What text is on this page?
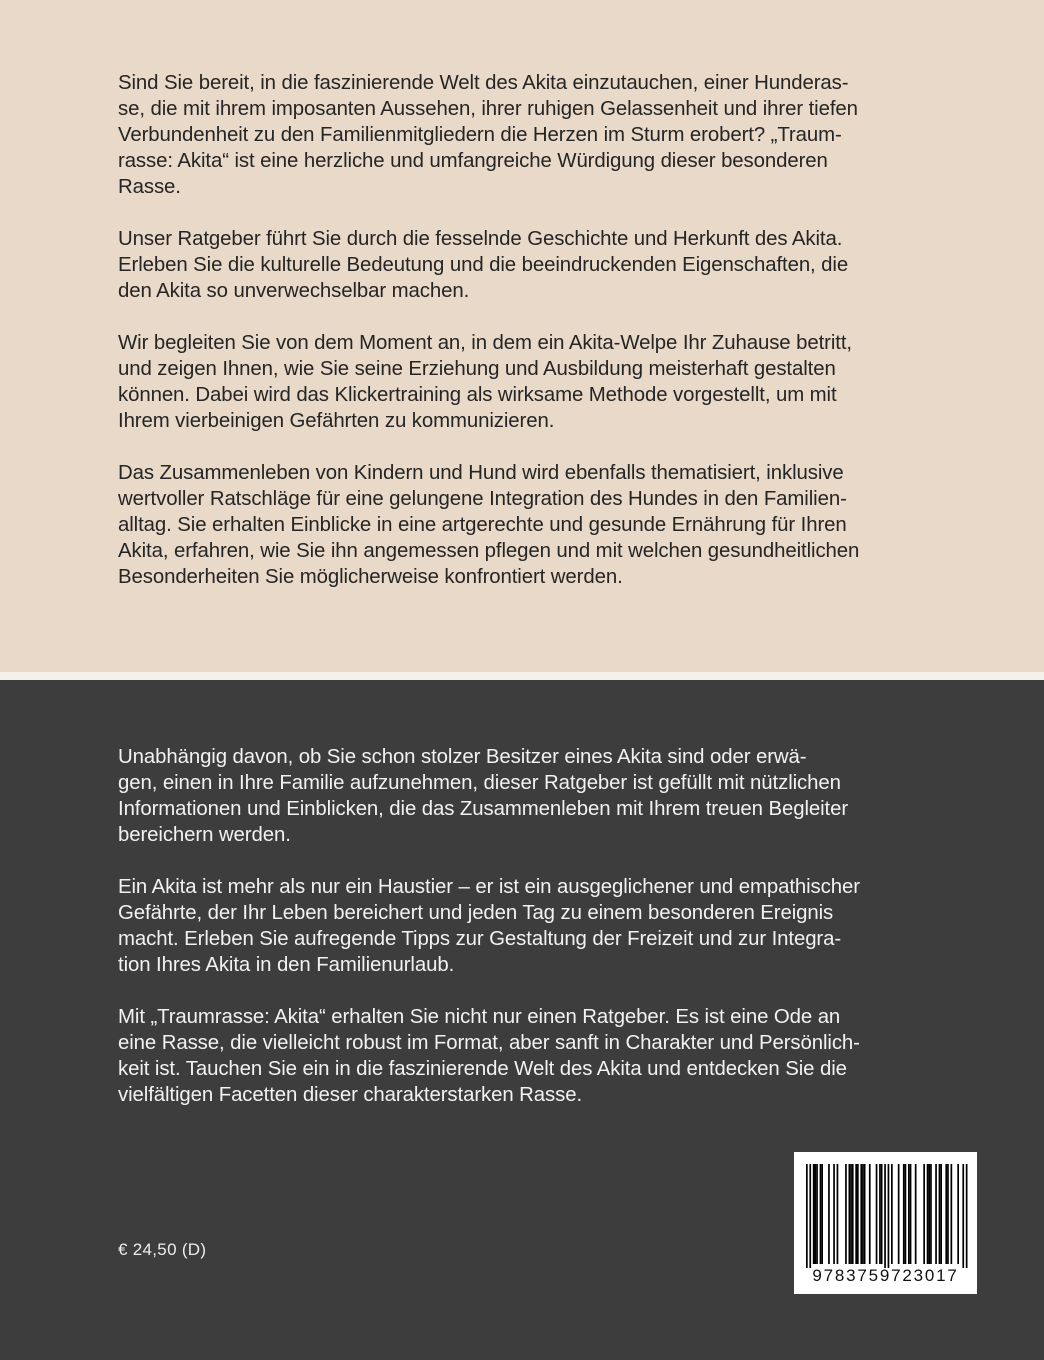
Sind Sie bereit, in die faszinierende Welt des Akita einzutauchen, einer Hunderas-
se, die mit ihrem imposanten Aussehen, ihrer ruhigen Gelassenheit und ihrer tiefen
Verbundenheit zu den Familienmitgliedern die Herzen im Sturm erobert? „Traum-
rasse: Akita“ ist eine herzliche und umfangreiche Würdigung dieser besonderen
Rasse.

Unser Ratgeber führt Sie durch die fesselnde Geschichte und Herkunft des Akita.
Erleben Sie die kulturelle Bedeutung und die beeindruckenden Eigenschaften, die
den Akita so unverwechselbar machen.

Wir begleiten Sie von dem Moment an, in dem ein Akita-Welpe Ihr Zuhause betritt,
und zeigen Ihnen, wie Sie seine Erziehung und Ausbildung meisterhaft gestalten
können. Dabei wird das Klickertraining als wirksame Methode vorgestellt, um mit
Ihrem vierbeinigen Gefährten zu kommunizieren.

Das Zusammenleben von Kindern und Hund wird ebenfalls thematisiert, inklusive
wertvoller Ratschläge für eine gelungene Integration des Hundes in den Familien-
alltag. Sie erhalten Einblicke in eine artgerechte und gesunde Ernährung für Ihren
Akita, erfahren, wie Sie ihn angemessen pflegen und mit welchen gesundheitlichen
Besonderheiten Sie möglicherweise konfrontiert werden.

Unabhängig davon, ob Sie schon stolzer Besitzer eines Akita sind oder erwä-
gen, einen in Ihre Familie aufzunehmen, dieser Ratgeber ist gefüllt mit nützlichen
Informationen und Einblicken, die das Zusammenleben mit Ihrem treuen Begleiter
bereichern werden.

Ein Akita ist mehr als nur ein Haustier – er ist ein ausgeglichener und empathischer
Gefährte, der Ihr Leben bereichert und jeden Tag zu einem besonderen Ereignis
macht. Erleben Sie aufregende Tipps zur Gestaltung der Freizeit und zur Integra-
tion Ihres Akita in den Familienurlaub.

Mit „Traumrasse: Akita“ erhalten Sie nicht nur einen Ratgeber. Es ist eine Ode an
eine Rasse, die vielleicht robust im Format, aber sanft in Charakter und Persönlich-
keit ist. Tauchen Sie ein in die faszinierende Welt des Akita und entdecken Sie die
vielfältigen Facetten dieser charakterstarken Rasse.

€ 24,50 (D)
9783759723017
